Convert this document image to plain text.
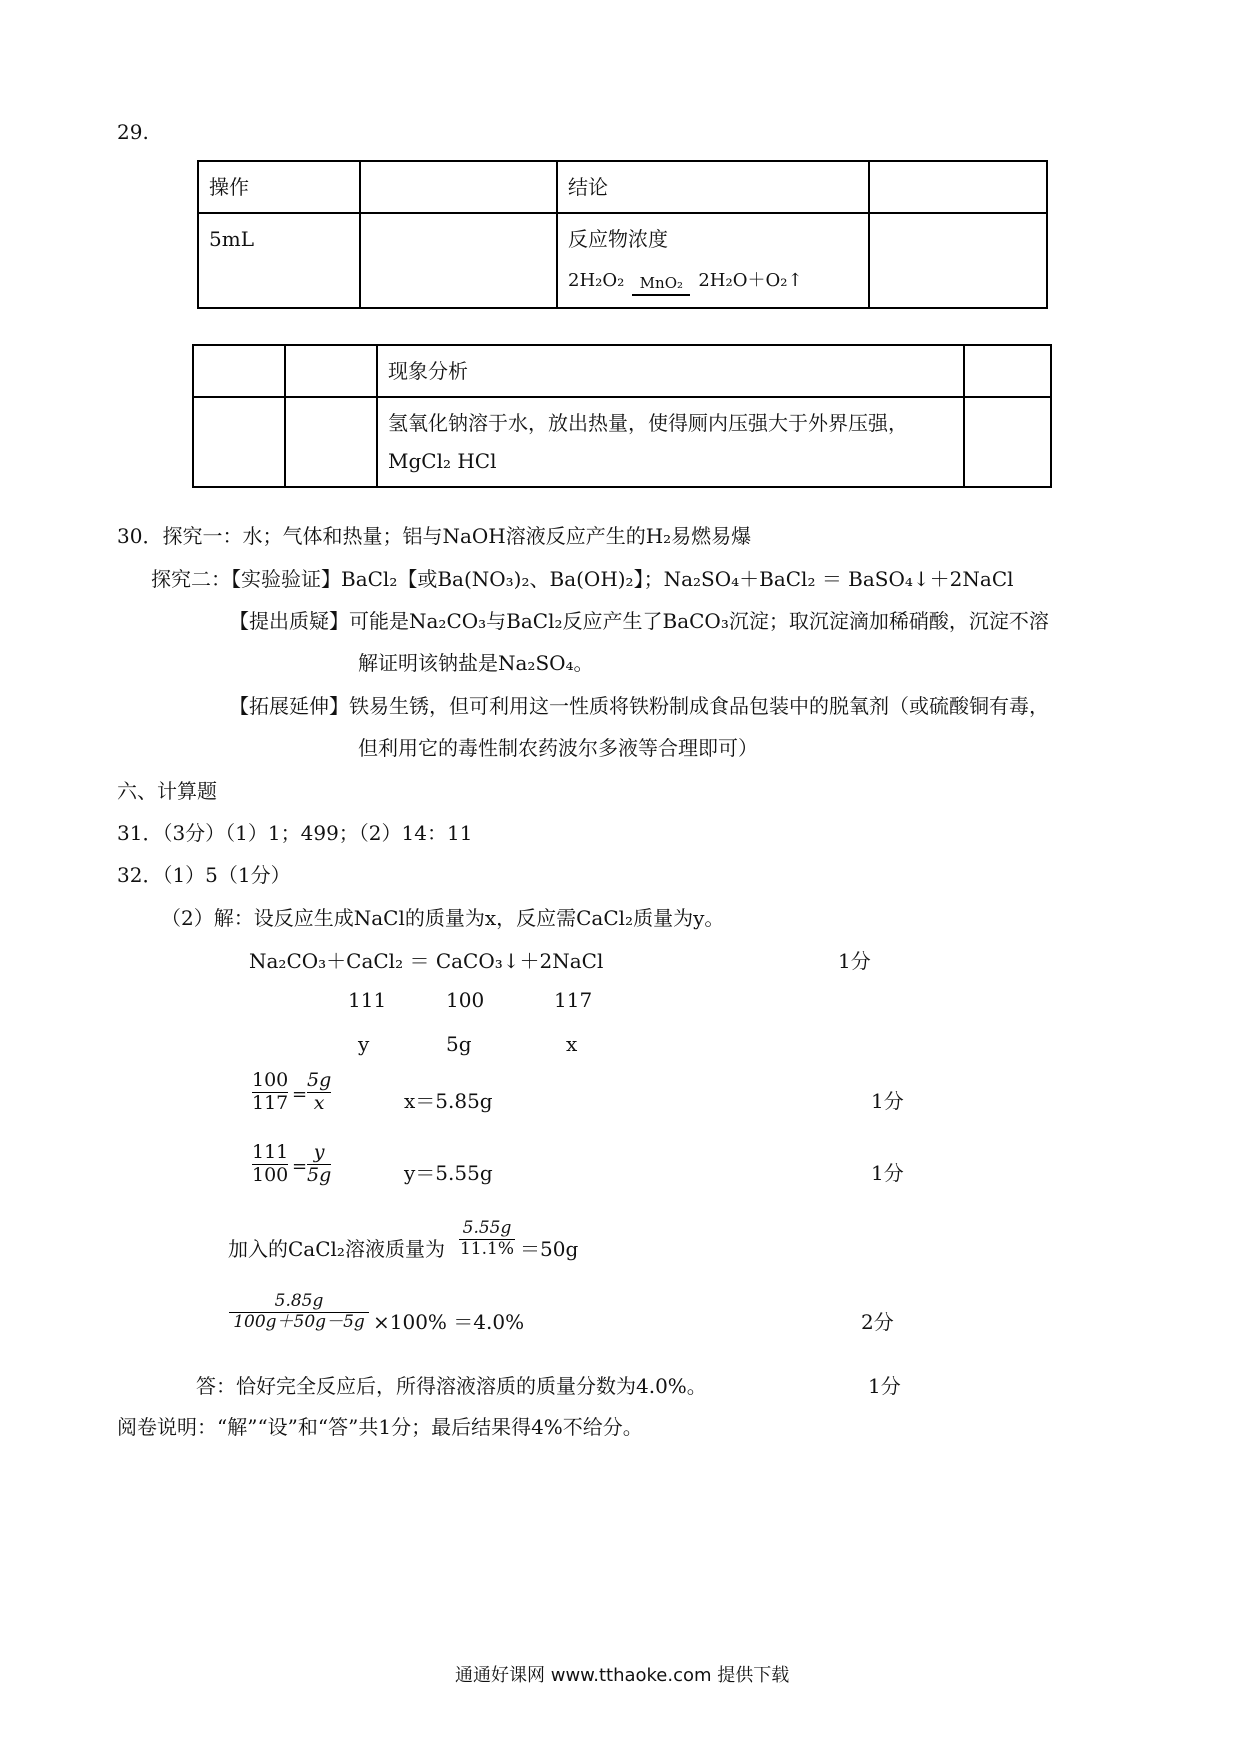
29.
操作		结论	
5mL		反应物浓度
2H₂O₂ MnO₂ 2H₂O＋O₂↑	

		现象分析	

		氢氧化钠溶于水，放出热量，使得厕内压强大于外界压强，
MgCl₂ HCl	

30．探究一：水；气体和热量；铝与NaOH溶液反应产生的H₂易燃易爆
探究二：【实验验证】BaCl₂【或Ba(NO₃)₂、Ba(OH)₂】；Na₂SO₄＋BaCl₂ ＝ BaSO₄↓＋2NaCl
【提出质疑】可能是Na₂CO₃与BaCl₂反应产生了BaCO₃沉淀；取沉淀滴加稀硝酸，沉淀不溶
解证明该钠盐是Na₂SO₄。
【拓展延伸】铁易生锈，但可利用这一性质将铁粉制成食品包装中的脱氧剂（或硫酸铜有毒，
但利用它的毒性制农药波尔多液等合理即可）
六、计算题
31．（3分）（1）1；499；（2）14：11
32．（1）5（1分）
（2）解：设反应生成NaCl的质量为x，反应需CaCl₂质量为y。
Na₂CO₃＋CaCl₂ ＝ CaCO₃↓＋2NaCl	1分
111	100	117
y	5g	x
100
117 =
5g
x	x＝5.85g	1分
111
100 =
y
5g	y＝5.55g	1分
加入的CaCl₂溶液质量为
5.55g
11.1% ＝50g
5.85g
100g＋50g－5g ×100% ＝4.0%	2分
答：恰好完全反应后，所得溶液溶质的质量分数为4.0%。	1分
阅卷说明：“解”“设”和“答”共1分；最后结果得4%不给分。
通通好课网 www.tthaoke.com 提供下载
